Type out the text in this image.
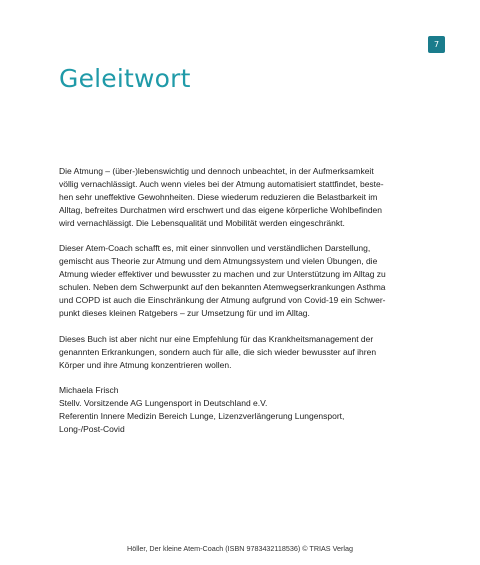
7
Geleitwort

Die Atmung – (über-)lebenswichtig und dennoch unbeachtet, in der Aufmerksamkeit
völlig vernachlässigt. Auch wenn vieles bei der Atmung automatisiert stattfindet, beste-
hen sehr uneffektive Gewohnheiten. Diese wiederum reduzieren die Belastbarkeit im
Alltag, befreites Durchatmen wird erschwert und das eigene körperliche Wohlbefinden
wird vernachlässigt. Die Lebensqualität und Mobilität werden eingeschränkt.

Dieser Atem-Coach schafft es, mit einer sinnvollen und verständlichen Darstellung,
gemischt aus Theorie zur Atmung und dem Atmungssystem und vielen Übungen, die
Atmung wieder effektiver und bewusster zu machen und zur Unterstützung im Alltag zu
schulen. Neben dem Schwerpunkt auf den bekannten Atemwegserkrankungen Asthma
und COPD ist auch die Einschränkung der Atmung aufgrund von Covid-19 ein Schwer-
punkt dieses kleinen Ratgebers – zur Umsetzung für und im Alltag.

Dieses Buch ist aber nicht nur eine Empfehlung für das Krankheitsmanagement der
genannten Erkrankungen, sondern auch für alle, die sich wieder bewusster auf ihren
Körper und ihre Atmung konzentrieren wollen.

Michaela Frisch
Stellv. Vorsitzende AG Lungensport in Deutschland e.V.
Referentin Innere Medizin Bereich Lunge, Lizenzverlängerung Lungensport,
Long-/Post-Covid

Höller, Der kleine Atem-Coach (ISBN 9783432118536) © TRIAS Verlag
